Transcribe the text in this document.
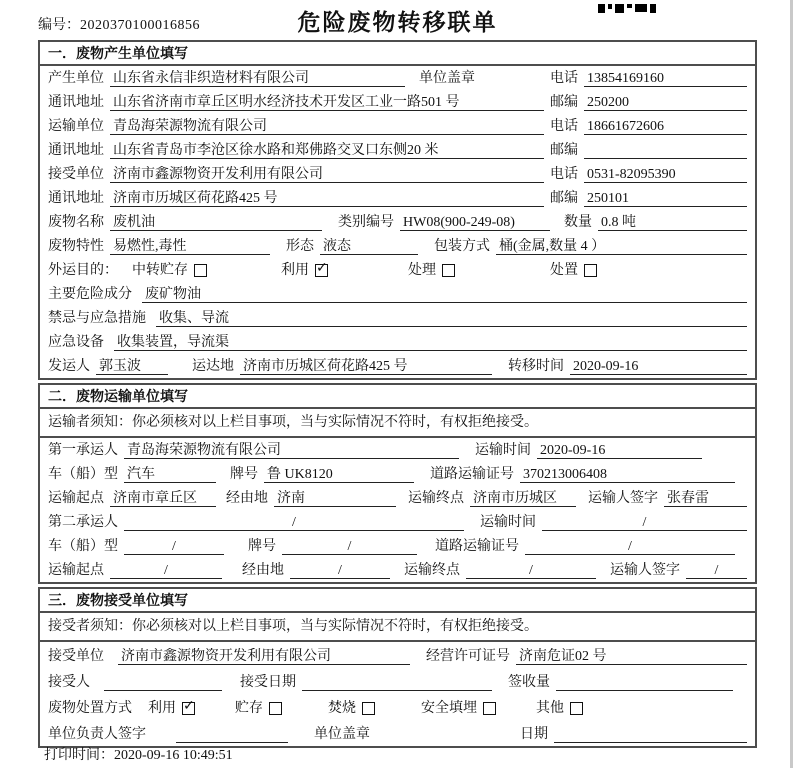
编号：2020370100016856	危险废物转移联单
一．废物产生单位填写
产生单位 山东省永信非织造材料有限公司	单位盖章	电话 13854169160
通讯地址 山东省济南市章丘区明水经济技术开发区工业一路501 号	邮编 250200
运输单位 青岛海荣源物流有限公司	电话 18661672606
通讯地址 山东省青岛市李沧区徐水路和郑佛路交叉口东侧20 米	邮编
接受单位 济南市鑫源物资开发利用有限公司	电话 0531-82095390
通讯地址 济南市历城区荷花路425 号	邮编 250101
废物名称 废机油	类别编号 HW08(900-249-08)	数量 0.8 吨
废物特性 易燃性,毒性	形态 液态	包装方式 桶(金属,数量 4 ）
外运目的： 中转贮存	利用 ✓	处理	处置
主要危险成分 废矿物油
禁忌与应急措施 收集、导流
应急设备 收集装置，导流渠
发运人 郭玉波	运达地 济南市历城区荷花路425 号	转移时间 2020-09-16
二．废物运输单位填写
运输者须知：你必须核对以上栏目事项，当与实际情况不符时，有权拒绝接受。
第一承运人 青岛海荣源物流有限公司	运输时间 2020-09-16
车（船）型 汽车	牌号 鲁 UK8120	道路运输证号 370213006408
运输起点 济南市章丘区	经由地 济南	运输终点 济南市历城区	运输人签字 张春雷
第二承运人	/	运输时间	/
车（船）型	/	牌号	/	道路运输证号	/
运输起点	/	经由地	/	运输终点	/	运输人签字	/
三．废物接受单位填写
接受者须知：你必须核对以上栏目事项，当与实际情况不符时，有权拒绝接受。
接受单位 济南市鑫源物资开发利用有限公司	经营许可证号 济南危证02 号
接受人	接受日期	签收量
废物处置方式 利用 ✓	贮存	焚烧	安全填埋	其他
单位负责人签字	单位盖章	日期
打印时间：2020-09-16 10:49:51
